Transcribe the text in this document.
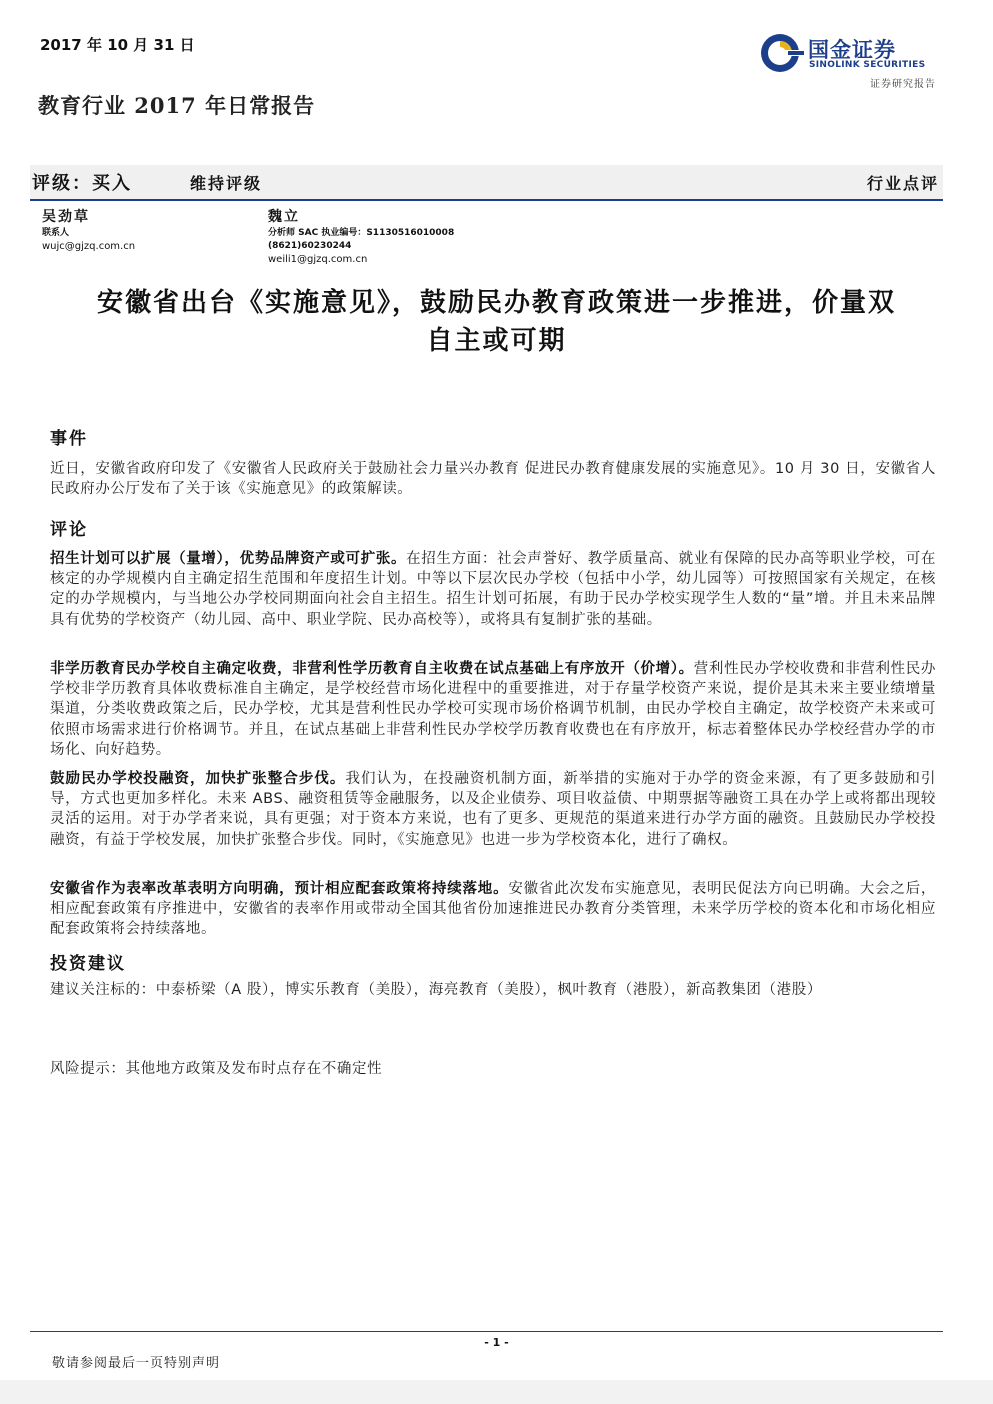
2017 年 10 月 31 日
教育行业 2017 年日常报告
国金证券
SINOLINK SECURITIES
证券研究报告
评级：买入	维持评级	行业点评
吴劲草
联系人
wujc@gjzq.com.cn
魏立
分析师 SAC 执业编号：S1130516010008
(8621)60230244
weili1@gjzq.com.cn
安徽省出台《实施意见》，鼓励民办教育政策进一步推进，价量双
自主或可期
事件
近日，安徽省政府印发了《安徽省人民政府关于鼓励社会力量兴办教育 促进民办教育健康发展的实施意见》。10 月 30 日，安徽省人民政府办公厅发布了关于该《实施意见》的政策解读。
评论
招生计划可以扩展（量增），优势品牌资产或可扩张。在招生方面：社会声誉好、教学质量高、就业有保障的民办高等职业学校，可在核定的办学规模内自主确定招生范围和年度招生计划。中等以下层次民办学校（包括中小学，幼儿园等）可按照国家有关规定，在核定的办学规模内，与当地公办学校同期面向社会自主招生。招生计划可拓展，有助于民办学校实现学生人数的“量”增。并且未来品牌具有优势的学校资产（幼儿园、高中、职业学院、民办高校等），或将具有复制扩张的基础。
非学历教育民办学校自主确定收费，非营利性学历教育自主收费在试点基础上有序放开（价增）。营利性民办学校收费和非营利性民办学校非学历教育具体收费标准自主确定，是学校经营市场化进程中的重要推进，对于存量学校资产来说，提价是其未来主要业绩增量渠道，分类收费政策之后，民办学校，尤其是营利性民办学校可实现市场价格调节机制，由民办学校自主确定，故学校资产未来或可依照市场需求进行价格调节。并且，在试点基础上非营利性民办学校学历教育收费也在有序放开，标志着整体民办学校经营办学的市场化、向好趋势。
鼓励民办学校投融资，加快扩张整合步伐。我们认为，在投融资机制方面，新举措的实施对于办学的资金来源，有了更多鼓励和引导，方式也更加多样化。未来 ABS、融资租赁等金融服务，以及企业债券、项目收益债、中期票据等融资工具在办学上或将都出现较灵活的运用。对于办学者来说，具有更强；对于资本方来说，也有了更多、更规范的渠道来进行办学方面的融资。且鼓励民办学校投融资，有益于学校发展，加快扩张整合步伐。同时，《实施意见》也进一步为学校资本化，进行了确权。
安徽省作为表率改革表明方向明确，预计相应配套政策将持续落地。安徽省此次发布实施意见，表明民促法方向已明确。大会之后，相应配套政策有序推进中，安徽省的表率作用或带动全国其他省份加速推进民办教育分类管理，未来学历学校的资本化和市场化相应配套政策将会持续落地。
投资建议
建议关注标的：中泰桥梁（A 股），博实乐教育（美股），海亮教育（美股），枫叶教育（港股），新高教集团（港股）
风险提示：其他地方政策及发布时点存在不确定性
- 1 -
敬请参阅最后一页特别声明
